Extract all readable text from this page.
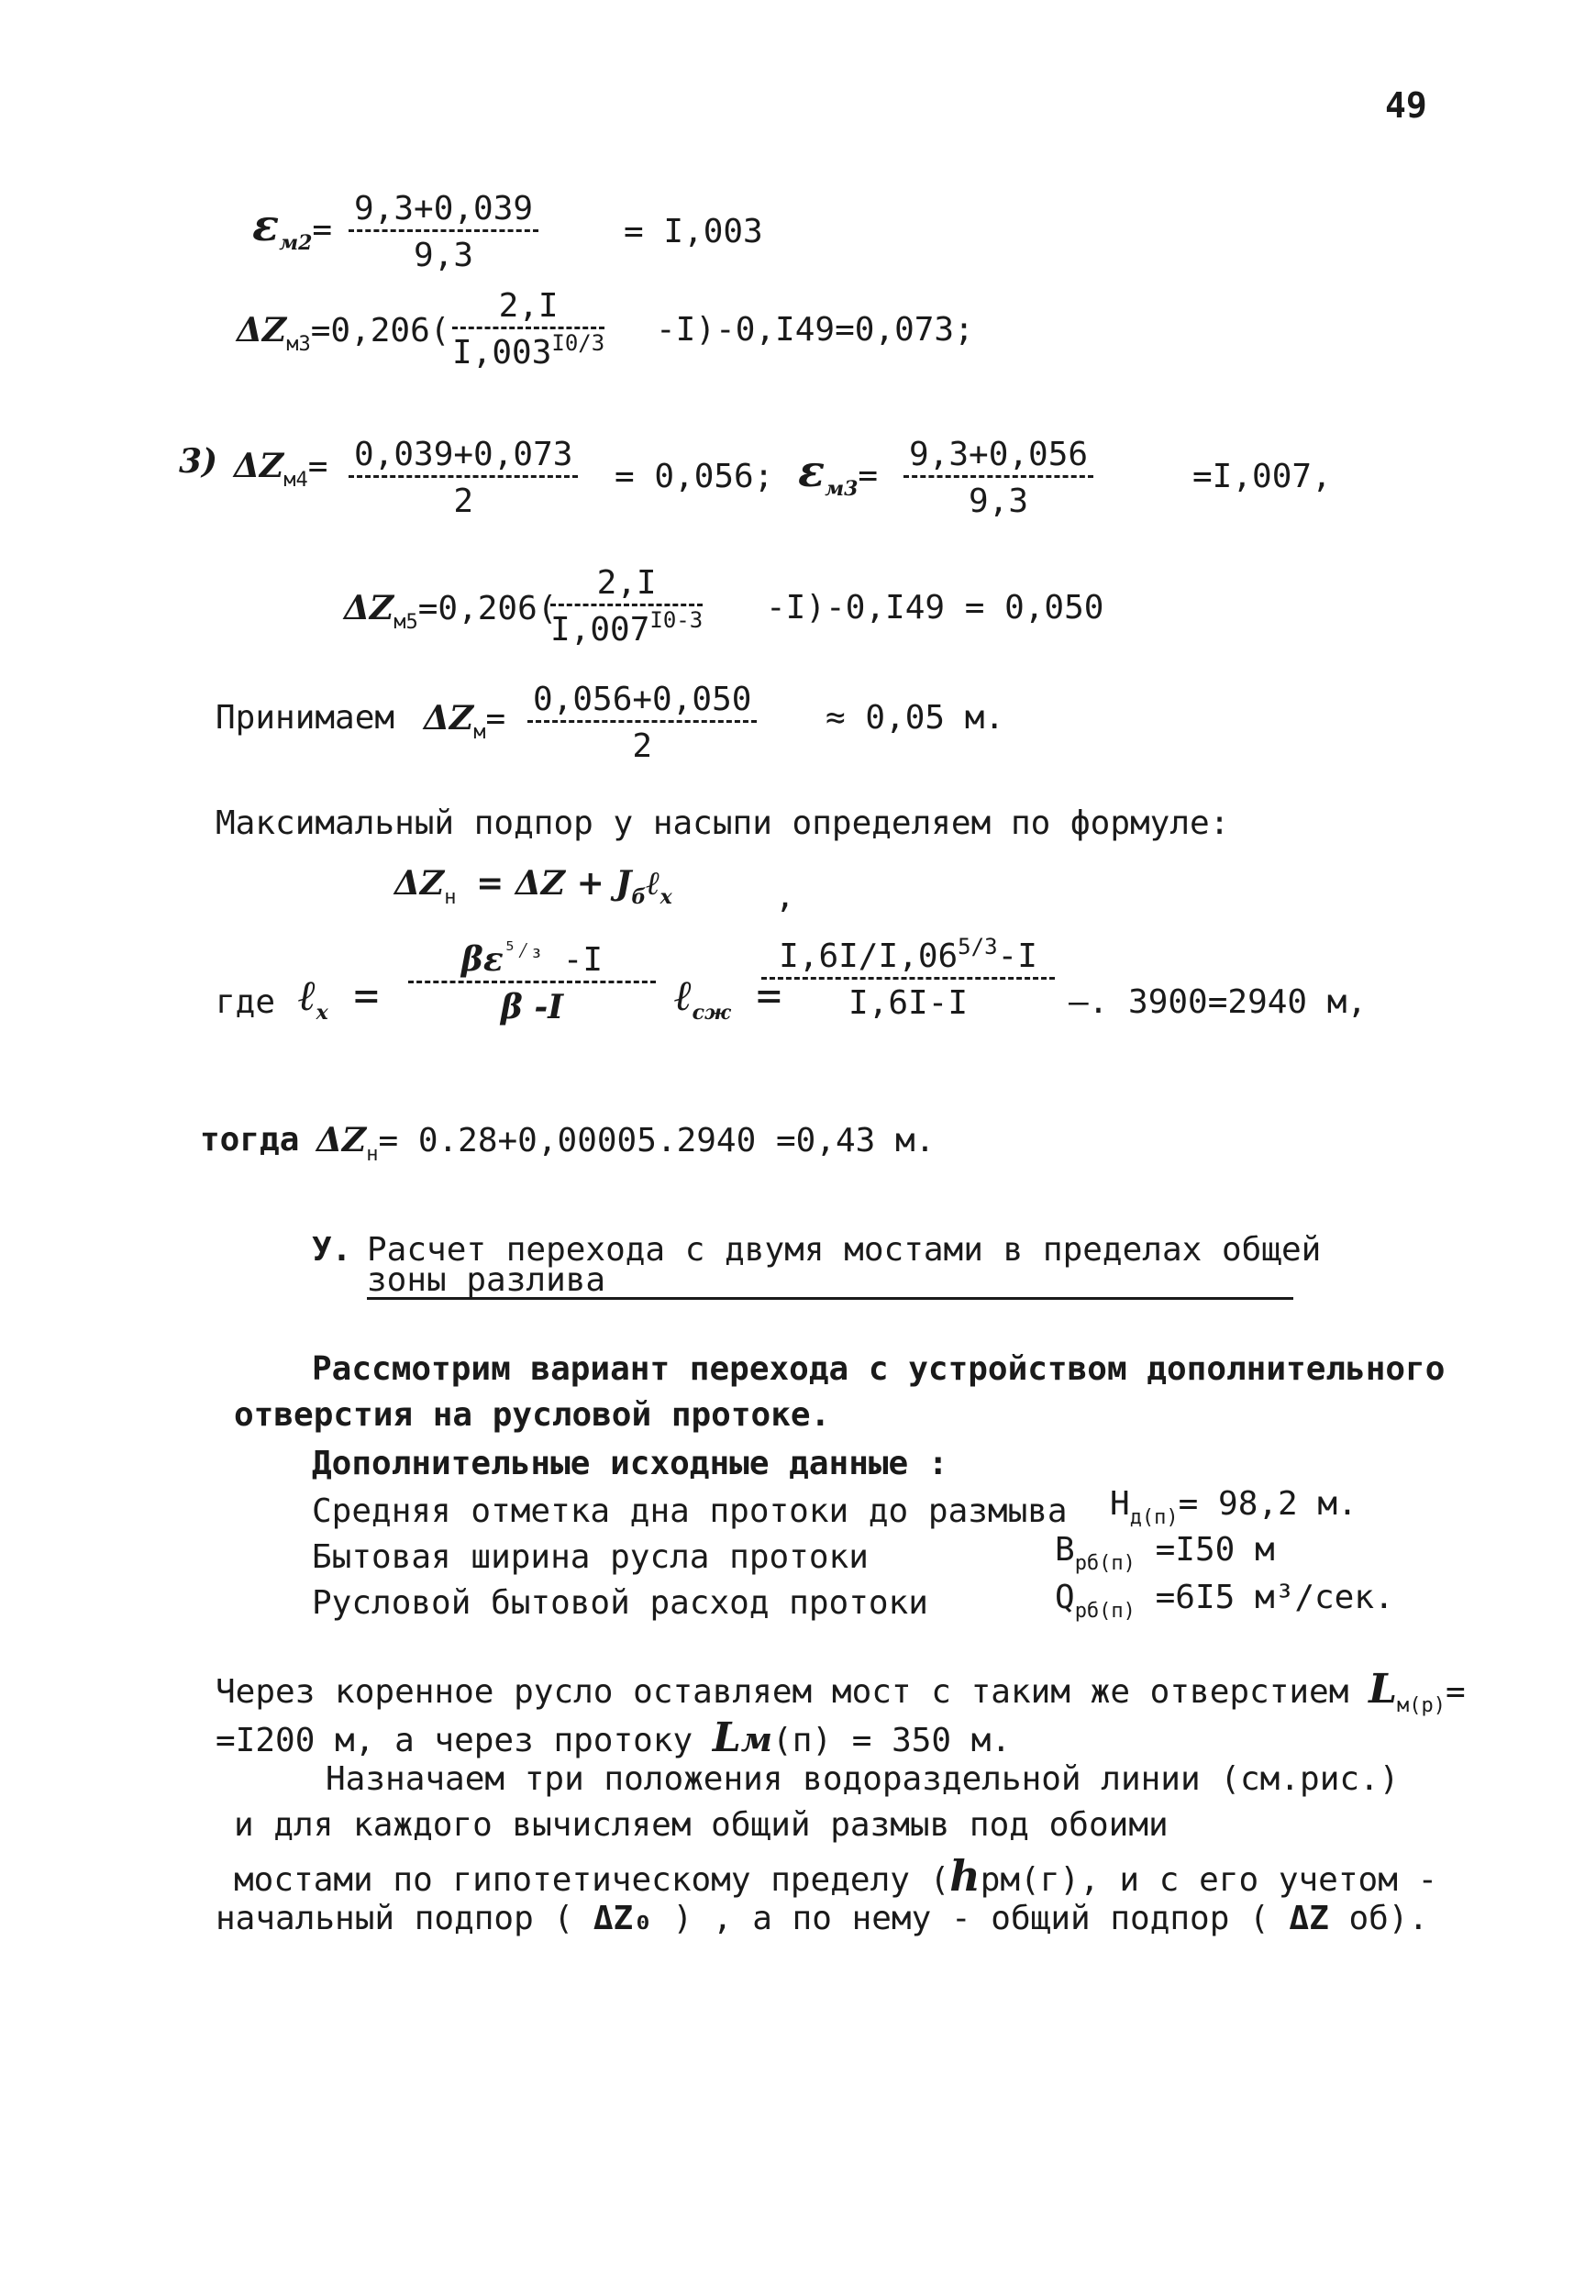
49
$\varepsilon_{м2}= \frac{9,3+0,039}{9,3}$	= I,003
$\Delta Z_{м3}=0,206( \frac{2,I}{I,003^{I0/3}} -I)-0,I49=0,073$;
3) $\Delta Z_{м4}= \frac{0,039+0,073}{2} = 0,056$; $\varepsilon_{м3}= \frac{9,3+0,056}{9,3}$	=I,007,
$\Delta Z_{м5}=0,206$(
$\frac{2,I}{I,007^{I0-3}} -I)-0,I49 = 0,050$
Принимаем $\Delta Z_м= \frac{0,056+0,050}{2} \approx 0,05$ м.
Максимальный подпор у насыпи определяем по формуле:
$\Delta Z_н = \Delta Z$ + $J_б\ell_х$	,
где ℓ$_х$ = $\frac{\beta\varepsilon^{^5⁄_3} -I}{\beta -I}$ ℓ$_{сж}$ =
$\frac{I,6I/I,06^{5/3}-I}{I,6I-I}$ —. 3900=2940 м,
тогда $\Delta Z_н= 0.28+0,00005.2940 =0,43$ м.
У. Расчет перехода с двумя мостами в пределах общей
зоны разлива
Рассмотрим вариант перехода с устройством дополнительного
отверстия на русловой протоке.
Дополнительные исходные данные :
Средняя отметка дна протоки до размыва $H_{д(п)}= 98,2$ м.
Бытовая ширина русла протоки	$B_{рб(п)} =I50$ м
Русловой бытовой расход протоки	$Q_{рб(п)} =6I5$ м³/сек.
Через коренное русло оставляем мост с таким же отверстием $L_{м(р)}=$
=I200 м, а через протоку Lм(п) = 350 м.
Назначаем три положения водораздельной линии (см.рис.)
и для каждого вычисляем общий размыв под обоими
мостами по гипотетическому пределу (hрм(г), и с его учетом -
начальный подпор ( ΔZ₀ ) , а по нему - общий подпор ( ΔZ об).
